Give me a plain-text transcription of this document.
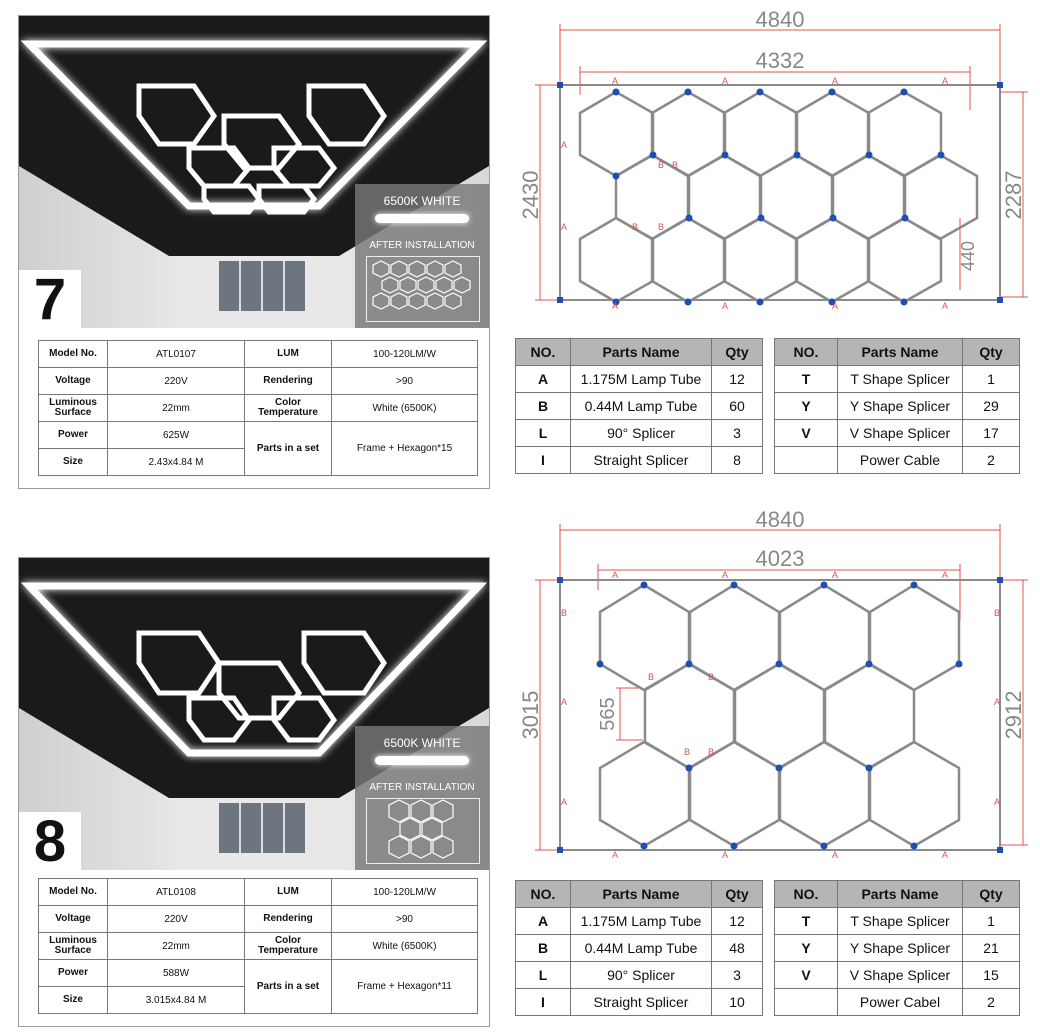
6500K WHITE
AFTER INSTALLATION
7
Model No.	ATL0107	LUM	100-120LM/W
Voltage	220V	Rendering	>90
Luminous Surface	22mm	Color Temperature	White (6500K)
Power	625W	Parts in a set	Frame + Hexagon*15
Size	2.43x4.84 M		
4840
4332
2430	2287
440
A	A	A	A
A	A	A	A
A
A
B B
B B
NO.	Parts Name	Qty
A	1.175M Lamp Tube	12
B	0.44M Lamp Tube	60
L	90° Splicer	3
I	Straight Splicer	8
NO.	Parts Name	Qty
T	T Shape Splicer	1
Y	Y Shape Splicer	29
V	V Shape Splicer	17
	Power Cable	2
6500K WHITE
AFTER INSTALLATION
8
Model No.	ATL0108	LUM	100-120LM/W
Voltage	220V	Rendering	>90
Luminous Surface	22mm	Color Temperature	White (6500K)
Power	588W	Parts in a set	Frame + Hexagon*11
Size	3.015x4.84 M		
4840
4023
3015	2912
565
A	A	A	A
A	A	A	A
B
A
A
B
A
A
B	B
B B
NO.	Parts Name	Qty
A	1.175M Lamp Tube	12
B	0.44M Lamp Tube	48
L	90° Splicer	3
I	Straight Splicer	10
NO.	Parts Name	Qty
T	T Shape Splicer	1
Y	Y Shape Splicer	21
V	V Shape Splicer	15
	Power Cabel	2
